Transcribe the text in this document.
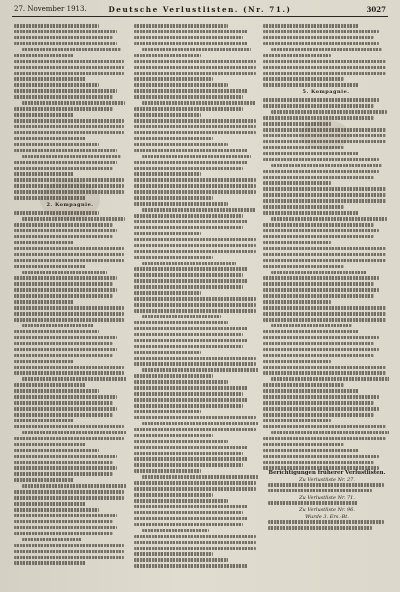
27. November 1913.	Deutsche Verlustlisten. (Nr. 71.)	3027
2. Kompagnie.
5. Kompagnie.
Berichtigungen früherer Verlustlisten.
Zu Verlustliste Nr. 27.
Zu Verlustliste Nr. 71.
Zu Verlustliste Nr. 96.
Wurde 3. Ers.-Bt.
